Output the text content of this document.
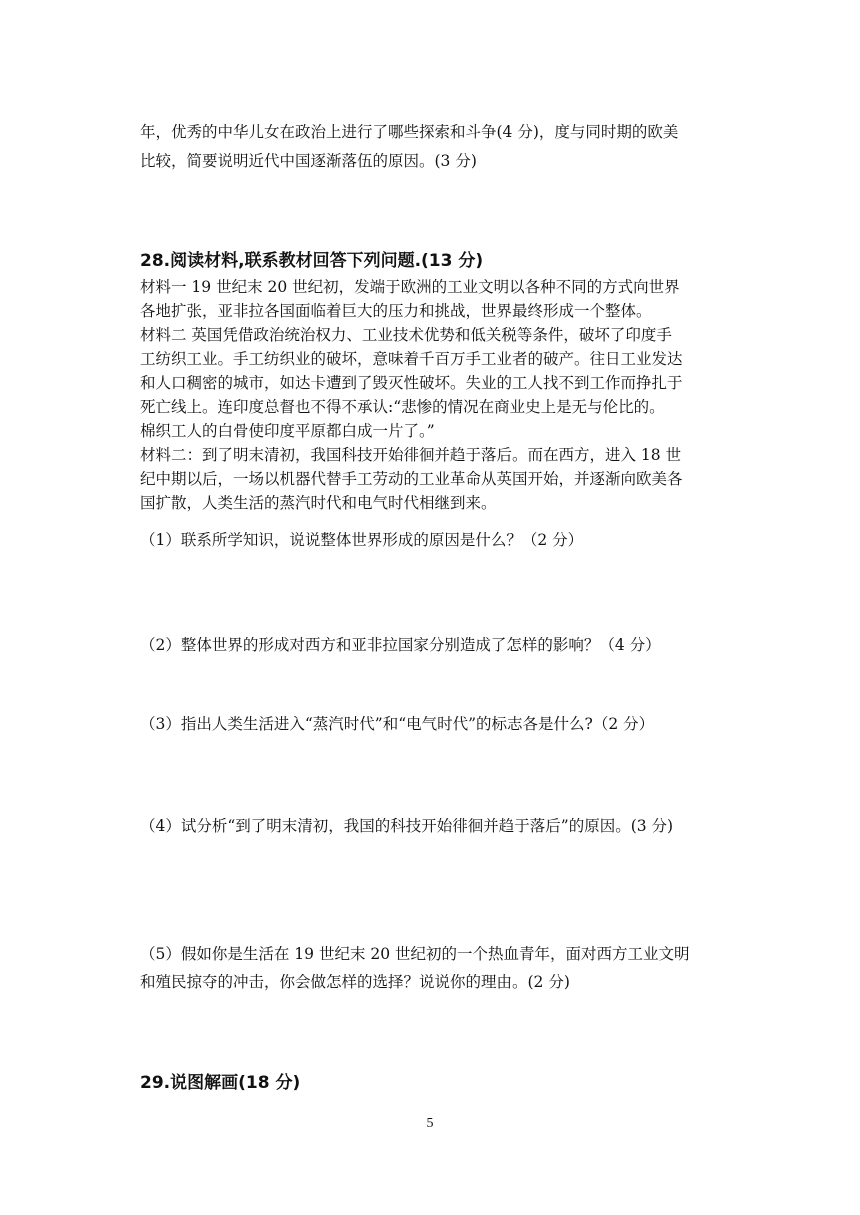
年，优秀的中华儿女在政治上进行了哪些探索和斗争(4 分)，度与同时期的欧美
比较，简要说明近代中国逐渐落伍的原因。(3 分)
28.阅读材料,联系教材回答下列问题.(13 分)
材料一 19 世纪末 20 世纪初，发端于欧洲的工业文明以各种不同的方式向世界
各地扩张，亚非拉各国面临着巨大的压力和挑战，世界最终形成一个整体。
材料二 英国凭借政治统治权力、工业技术优势和低关税等条件，破坏了印度手
工纺织工业。手工纺织业的破坏，意味着千百万手工业者的破产。往日工业发达
和人口稠密的城市，如达卡遭到了毁灭性破坏。失业的工人找不到工作而挣扎于
死亡线上。连印度总督也不得不承认:“悲惨的情况在商业史上是无与伦比的。
棉织工人的白骨使印度平原都白成一片了。”
材料二：到了明末清初，我国科技开始徘徊并趋于落后。而在西方，进入 18 世
纪中期以后，一场以机器代替手工劳动的工业革命从英国开始，并逐渐向欧美各
国扩散，人类生活的蒸汽时代和电气时代相继到来。
（1）联系所学知识，说说整体世界形成的原因是什么？（2 分）
（2）整体世界的形成对西方和亚非拉国家分别造成了怎样的影响？（4 分）
（3）指出人类生活进入“蒸汽时代”和“电气时代”的标志各是什么?（2 分）
（4）试分析“到了明末清初，我国的科技开始徘徊并趋于落后”的原因。(3 分)
（5）假如你是生活在 19 世纪末 20 世纪初的一个热血青年，面对西方工业文明
和殖民掠夺的冲击，你会做怎样的选择？说说你的理由。(2 分)
29.说图解画(18 分)
5
